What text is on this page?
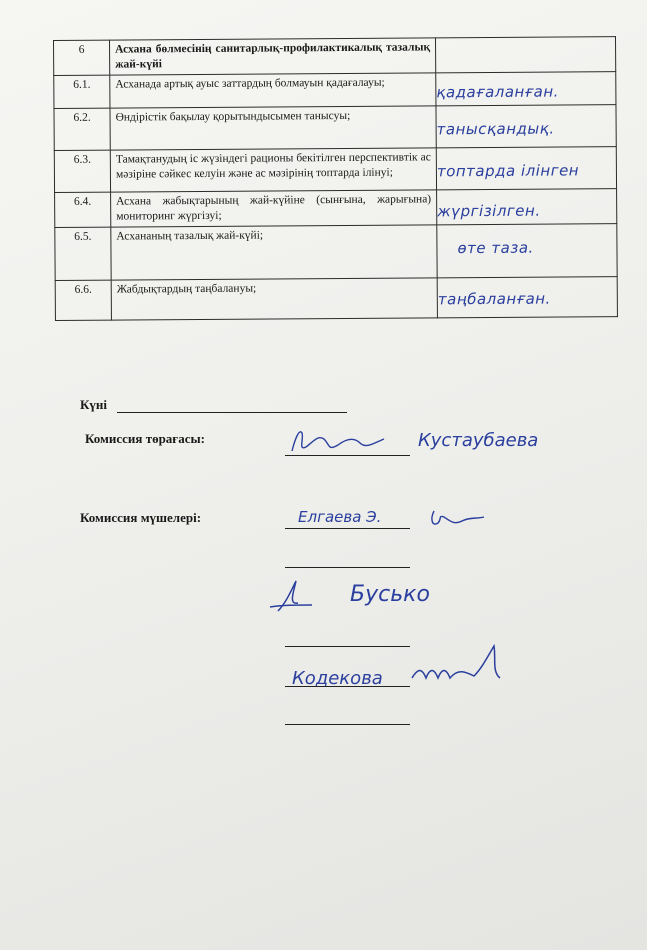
6	Асхана бөлмесінің санитарлық-профилактикалық тазалық жай-күйі	
6.1.	Асханада артық ауыс заттардың болмауын қадағалауы;	қадағаланған.

6.2.	Өндірістік бақылау қорытындысымен танысуы;	танысқандық.

6.3.	Тамақтанудың іс жүзіндегі рационы бекітілген перспективтік ас мәзіріне сәйкес келуін және ас мәзірінің топтарда ілінуі;	топтарда ілінген

6.4.	Асхана жабықтарының жай-күйіне (сынғына, жарығына) мониторинг жүргізуі;	жүргізілген.

6.5.	Асхананың тазалық жай-күйі;	өте таза.

6.6.	Жабдықтардың таңбалануы;	таңбаланған.
Күні
Комиссия төрағасы:	Кустаубаева
Комиссия мүшелері:	Елгаева Э.
Бусько
Кодекова
